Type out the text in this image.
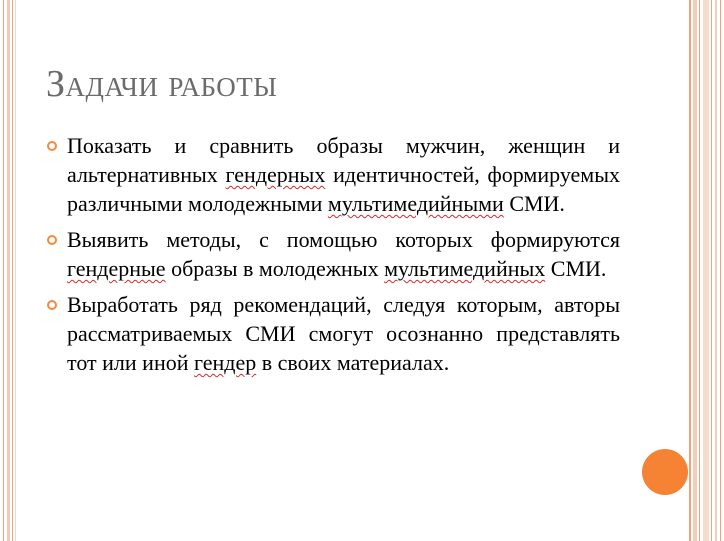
Задачи работы
Показать и сравнить образы мужчин, женщин и альтернативных гендерных идентичностей, формируемых различными молодежными мультимедийными СМИ.
Выявить методы, с помощью которых формируются гендерные образы в молодежных мультимедийных СМИ.
Выработать ряд рекомендаций, следуя которым, авторы рассматриваемых СМИ смогут осознанно представлять тот или иной гендер в своих материалах.
